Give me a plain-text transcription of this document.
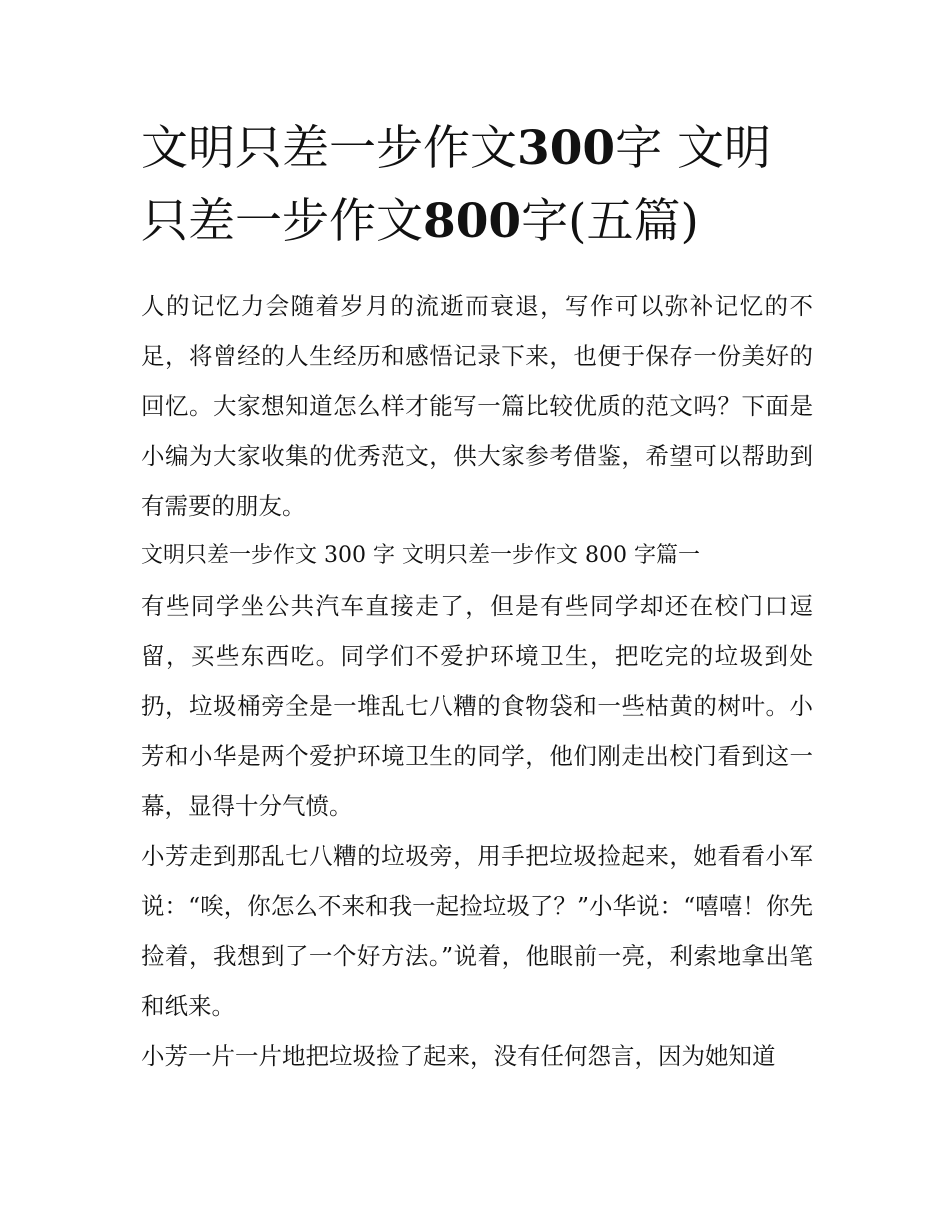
文明只差一步作文300字 文明只差一步作文800字(五篇)

人的记忆力会随着岁月的流逝而衰退，写作可以弥补记忆的不足，将曾经的人生经历和感悟记录下来，也便于保存一份美好的回忆。大家想知道怎么样才能写一篇比较优质的范文吗？下面是小编为大家收集的优秀范文，供大家参考借鉴，希望可以帮助到有需要的朋友。

文明只差一步作文 300 字 文明只差一步作文 800 字篇一

有些同学坐公共汽车直接走了，但是有些同学却还在校门口逗留，买些东西吃。同学们不爱护环境卫生，把吃完的垃圾到处扔，垃圾桶旁全是一堆乱七八糟的食物袋和一些枯黄的树叶。小芳和小华是两个爱护环境卫生的同学，他们刚走出校门看到这一幕，显得十分气愤。

小芳走到那乱七八糟的垃圾旁，用手把垃圾捡起来，她看看小军说：“唉，你怎么不来和我一起捡垃圾了？”小华说：“嘻嘻！你先捡着，我想到了一个好方法。”说着，他眼前一亮，利索地拿出笔和纸来。

小芳一片一片地把垃圾捡了起来，没有任何怨言，因为她知道
